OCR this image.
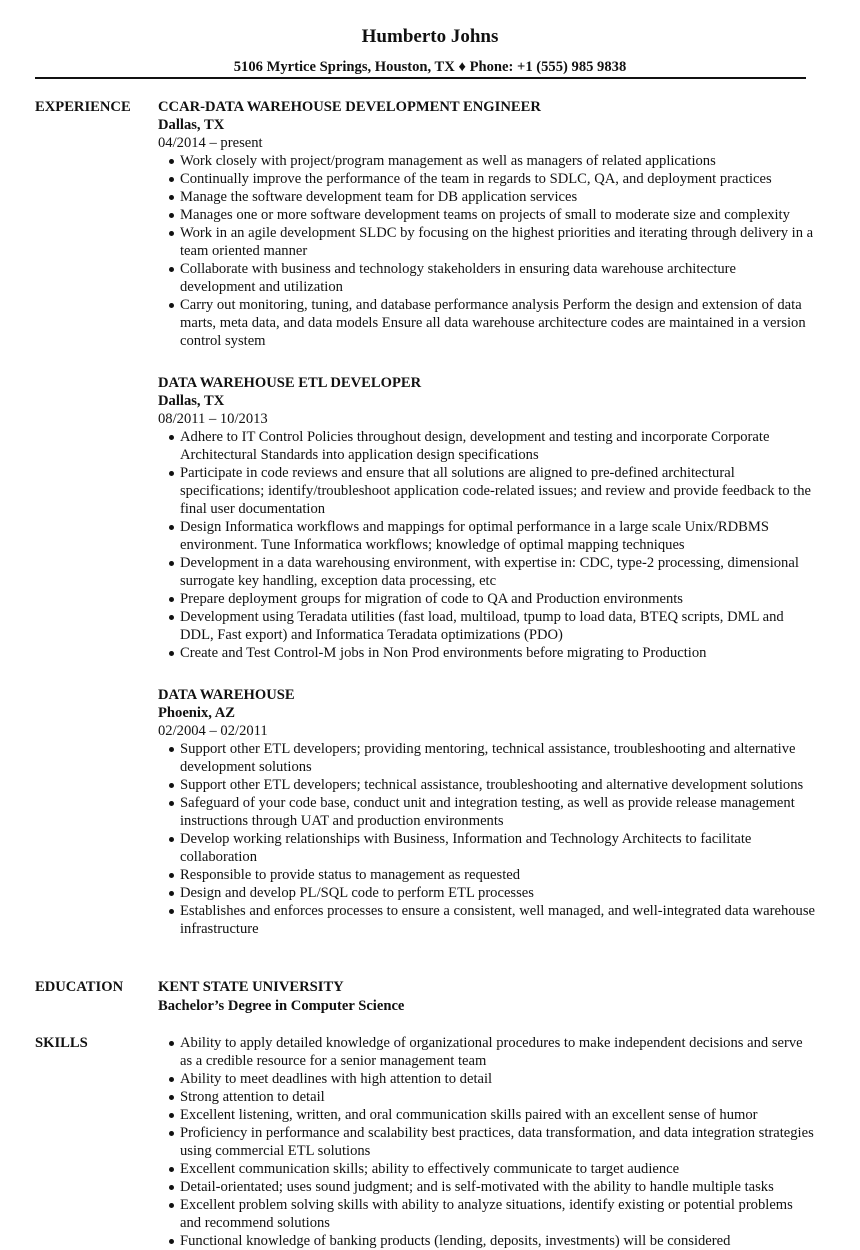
Humberto Johns
5106 Myrtice Springs, Houston, TX ♦ Phone: +1 (555) 985 9838
EXPERIENCE CCAR-DATA WAREHOUSE DEVELOPMENT ENGINEER
Dallas, TX
04/2014 – present
Work closely with project/program management as well as managers of related applications
Continually improve the performance of the team in regards to SDLC, QA, and deployment practices
Manage the software development team for DB application services
Manages one or more software development teams on projects of small to moderate size and complexity
Work in an agile development SLDC by focusing on the highest priorities and iterating through delivery in a team oriented manner
Collaborate with business and technology stakeholders in ensuring data warehouse architecture development and utilization
Carry out monitoring, tuning, and database performance analysis Perform the design and extension of data marts, meta data, and data models Ensure all data warehouse architecture codes are maintained in a version control system
DATA WAREHOUSE ETL DEVELOPER
Dallas, TX
08/2011 – 10/2013
Adhere to IT Control Policies throughout design, development and testing and incorporate Corporate Architectural Standards into application design specifications
Participate in code reviews and ensure that all solutions are aligned to pre-defined architectural specifications; identify/troubleshoot application code-related issues; and review and provide feedback to the final user documentation
Design Informatica workflows and mappings for optimal performance in a large scale Unix/RDBMS environment. Tune Informatica workflows; knowledge of optimal mapping techniques
Development in a data warehousing environment, with expertise in: CDC, type-2 processing, dimensional surrogate key handling, exception data processing, etc
Prepare deployment groups for migration of code to QA and Production environments
Development using Teradata utilities (fast load, multiload, tpump to load data, BTEQ scripts, DML and DDL, Fast export) and Informatica Teradata optimizations (PDO)
Create and Test Control-M jobs in Non Prod environments before migrating to Production
DATA WAREHOUSE
Phoenix, AZ
02/2004 – 02/2011
Support other ETL developers; providing mentoring, technical assistance, troubleshooting and alternative development solutions
Support other ETL developers; technical assistance, troubleshooting and alternative development solutions
Safeguard of your code base, conduct unit and integration testing, as well as provide release management instructions through UAT and production environments
Develop working relationships with Business, Information and Technology Architects to facilitate collaboration
Responsible to provide status to management as requested
Design and develop PL/SQL code to perform ETL processes
Establishes and enforces processes to ensure a consistent, well managed, and well-integrated data warehouse infrastructure
EDUCATION KENT STATE UNIVERSITY
Bachelor’s Degree in Computer Science
SKILLS	Ability to apply detailed knowledge of organizational procedures to make independent decisions and serve as a credible resource for a senior management team
Ability to meet deadlines with high attention to detail
Strong attention to detail
Excellent listening, written, and oral communication skills paired with an excellent sense of humor
Proficiency in performance and scalability best practices, data transformation, and data integration strategies using commercial ETL solutions
Excellent communication skills; ability to effectively communicate to target audience
Detail-orientated; uses sound judgment; and is self-motivated with the ability to handle multiple tasks
Excellent problem solving skills with ability to analyze situations, identify existing or potential problems and recommend solutions
Functional knowledge of banking products (lending, deposits, investments) will be considered
